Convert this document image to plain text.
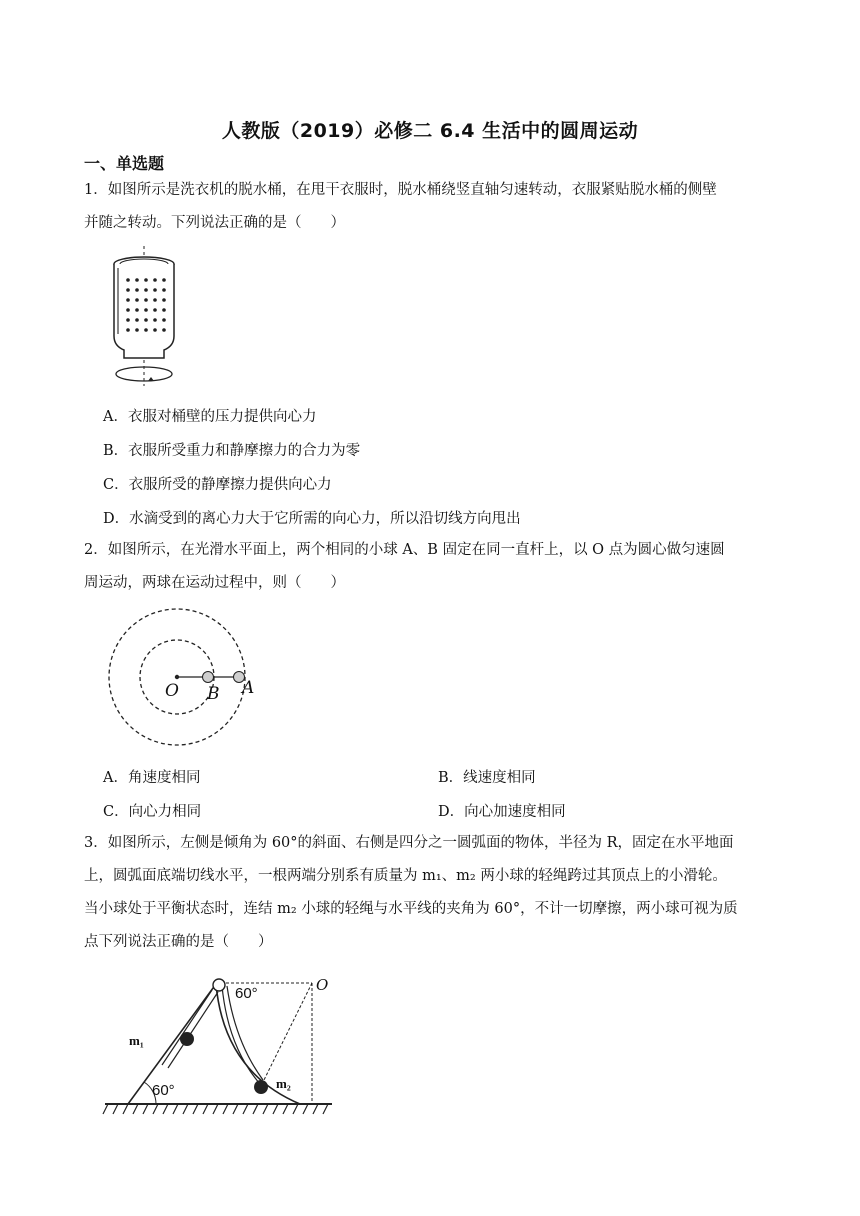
人教版（2019）必修二 6.4 生活中的圆周运动
一、单选题
1．如图所示是洗衣机的脱水桶，在甩干衣服时，脱水桶绕竖直轴匀速转动，衣服紧贴脱水桶的侧壁
并随之转动。下列说法正确的是（　　）
A．衣服对桶壁的压力提供向心力
B．衣服所受重力和静摩擦力的合力为零
C．衣服所受的静摩擦力提供向心力
D．水滴受到的离心力大于它所需的向心力，所以沿切线方向甩出
2．如图所示，在光滑水平面上，两个相同的小球 A、B 固定在同一直杆上，以 O 点为圆心做匀速圆
周运动，两球在运动过程中，则（　　）
O B A
A．角速度相同	B．线速度相同
C．向心力相同	D．向心加速度相同
3．如图所示，左侧是倾角为 60°的斜面、右侧是四分之一圆弧面的物体，半径为 R，固定在水平地面
上，圆弧面底端切线水平，一根两端分别系有质量为 m₁、m₂ 两小球的轻绳跨过其顶点上的小滑轮。
当小球处于平衡状态时，连结 m₂ 小球的轻绳与水平线的夹角为 60°，不计一切摩擦，两小球可视为质
点下列说法正确的是（　　）
60°
60°
O
m₁
m₂
